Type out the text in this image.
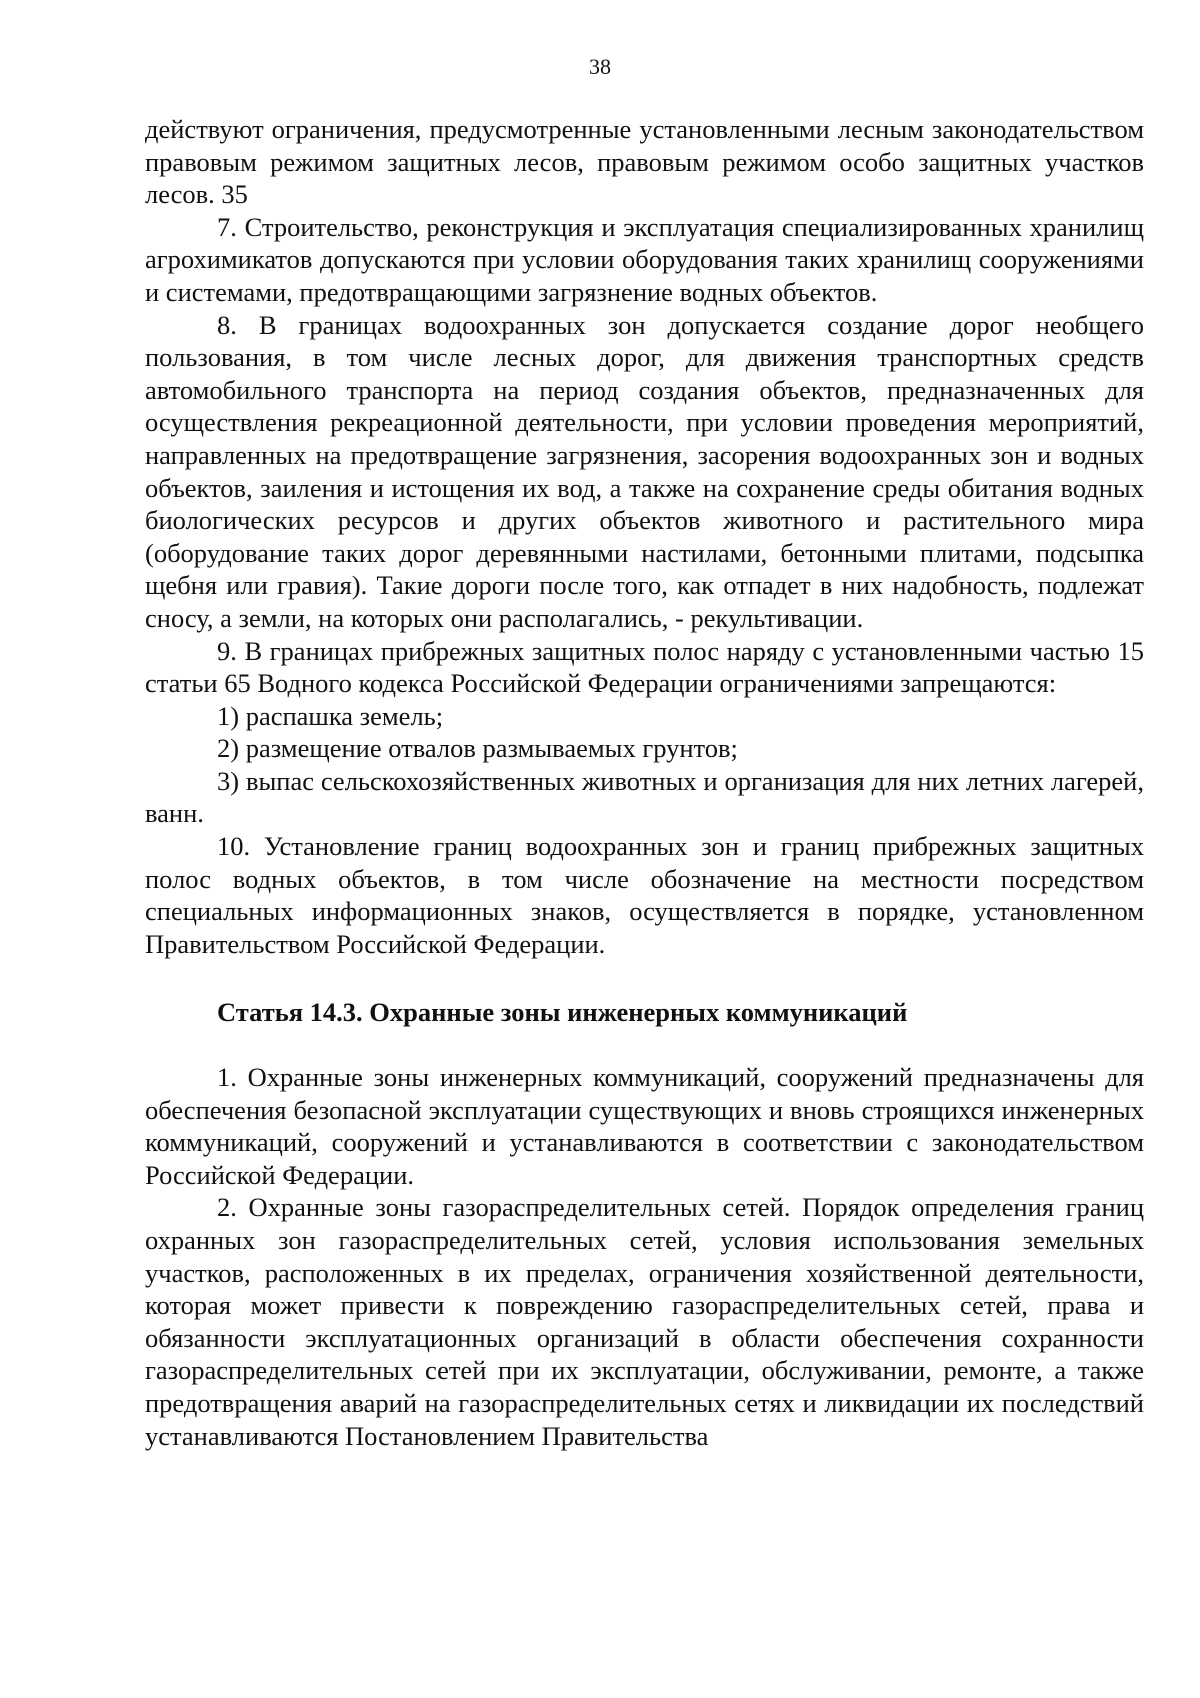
38

действуют ограничения, предусмотренные установленными лесным законодательством правовым режимом защитных лесов, правовым режимом особо защитных участков лесов. 35

7. Строительство, реконструкция и эксплуатация специализированных хранилищ агрохимикатов допускаются при условии оборудования таких хранилищ сооружениями и системами, предотвращающими загрязнение водных объектов.

8. В границах водоохранных зон допускается создание дорог необщего пользования, в том числе лесных дорог, для движения транспортных средств автомобильного транспорта на период создания объектов, предназначенных для осуществления рекреационной деятельности, при условии проведения мероприятий, направленных на предотвращение загрязнения, засорения водоохранных зон и водных объектов, заиления и истощения их вод, а также на сохранение среды обитания водных биологических ресурсов и других объектов животного и растительного мира (оборудование таких дорог деревянными настилами, бетонными плитами, подсыпка щебня или гравия). Такие дороги после того, как отпадет в них надобность, подлежат сносу, а земли, на которых они располагались, - рекультивации.

9. В границах прибрежных защитных полос наряду с установленными частью 15 статьи 65 Водного кодекса Российской Федерации ограничениями запрещаются:

1) распашка земель;

2) размещение отвалов размываемых грунтов;

3) выпас сельскохозяйственных животных и организация для них летних лагерей, ванн.

10. Установление границ водоохранных зон и границ прибрежных защитных полос водных объектов, в том числе обозначение на местности посредством специальных информационных знаков, осуществляется в порядке, установленном Правительством Российской Федерации.

Статья 14.3. Охранные зоны инженерных коммуникаций

1. Охранные зоны инженерных коммуникаций, сооружений предназначены для обеспечения безопасной эксплуатации существующих и вновь строящихся инженерных коммуникаций, сооружений и устанавливаются в соответствии с законодательством Российской Федерации.

2. Охранные зоны газораспределительных сетей. Порядок определения границ охранных зон газораспределительных сетей, условия использования земельных участков, расположенных в их пределах, ограничения хозяйственной деятельности, которая может привести к повреждению газораспределительных сетей, права и обязанности эксплуатационных организаций в области обеспечения сохранности газораспределительных сетей при их эксплуатации, обслуживании, ремонте, а также предотвращения аварий на газораспределительных сетях и ликвидации их последствий устанавливаются Постановлением Правительства
